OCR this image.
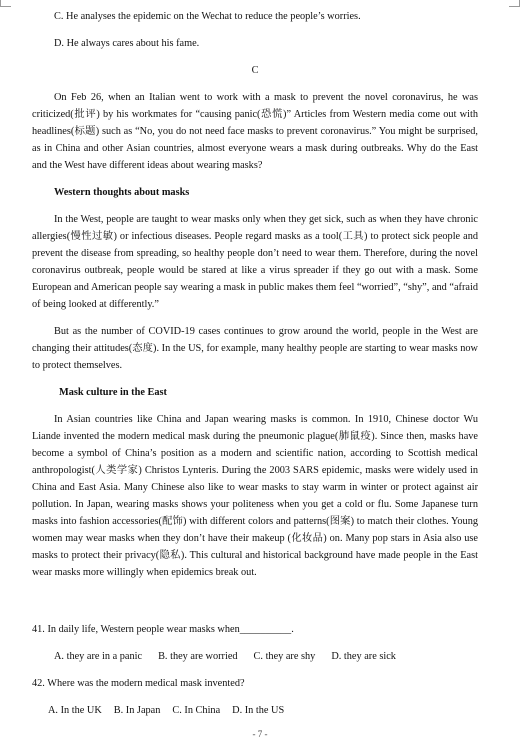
C. He analyses the epidemic on the Wechat to reduce the people’s worries.

D. He always cares about his fame.

C

On Feb 26, when an Italian went to work with a mask to prevent the novel coronavirus, he was criticized(批评) by his workmates for “causing panic(恐慌)” Articles from Western media come out with headlines(标题) such as “No, you do not need face masks to prevent coronavirus.” You might be surprised, as in China and other Asian countries, almost everyone wears a mask during outbreaks. Why do the East and the West have different ideas about wearing masks?

Western thoughts about masks

In the West, people are taught to wear masks only when they get sick, such as when they have chronic allergies(慢性过敏) or infectious diseases. People regard masks as a tool(工具) to protect sick people and prevent the disease from spreading, so healthy people don’t need to wear them. Therefore, during the novel coronavirus outbreak, people would be stared at like a virus spreader if they go out with a mask. Some European and American people say wearing a mask in public makes them feel “worried”, “shy”, and “afraid of being looked at differently.”

But as the number of COVID-19 cases continues to grow around the world, people in the West are changing their attitudes(态度). In the US, for example, many healthy people are starting to wear masks now to protect themselves.

Mask culture in the East

In Asian countries like China and Japan wearing masks is common. In 1910, Chinese doctor Wu Liande invented the modern medical mask during the pneumonic plague(肺鼠疫). Since then, masks have become a symbol of China’s position as a modern and scientific nation, according to Scottish medical anthropologist(人类学家) Christos Lynteris. During the 2003 SARS epidemic, masks were widely used in China and East Asia. Many Chinese also like to wear masks to stay warm in winter or protect against air pollution. In Japan, wearing masks shows your politeness when you get a cold or flu. Some Japanese turn masks into fashion accessories(配饰) with different colors and patterns(图案) to match their clothes. Young women may wear masks when they don’t have their makeup (化妆品) on. Many pop stars in Asia also use masks to protect their privacy(隐私). This cultural and historical background have made people in the East wear masks more willingly when epidemics break out.

41. In daily life, Western people wear masks when__________.

A. they are in a panic B. they are worried C. they are shy D. they are sick

42. Where was the modern medical mask invented?

A. In the UK B. In Japan C. In China D. In the US
- 7 -
